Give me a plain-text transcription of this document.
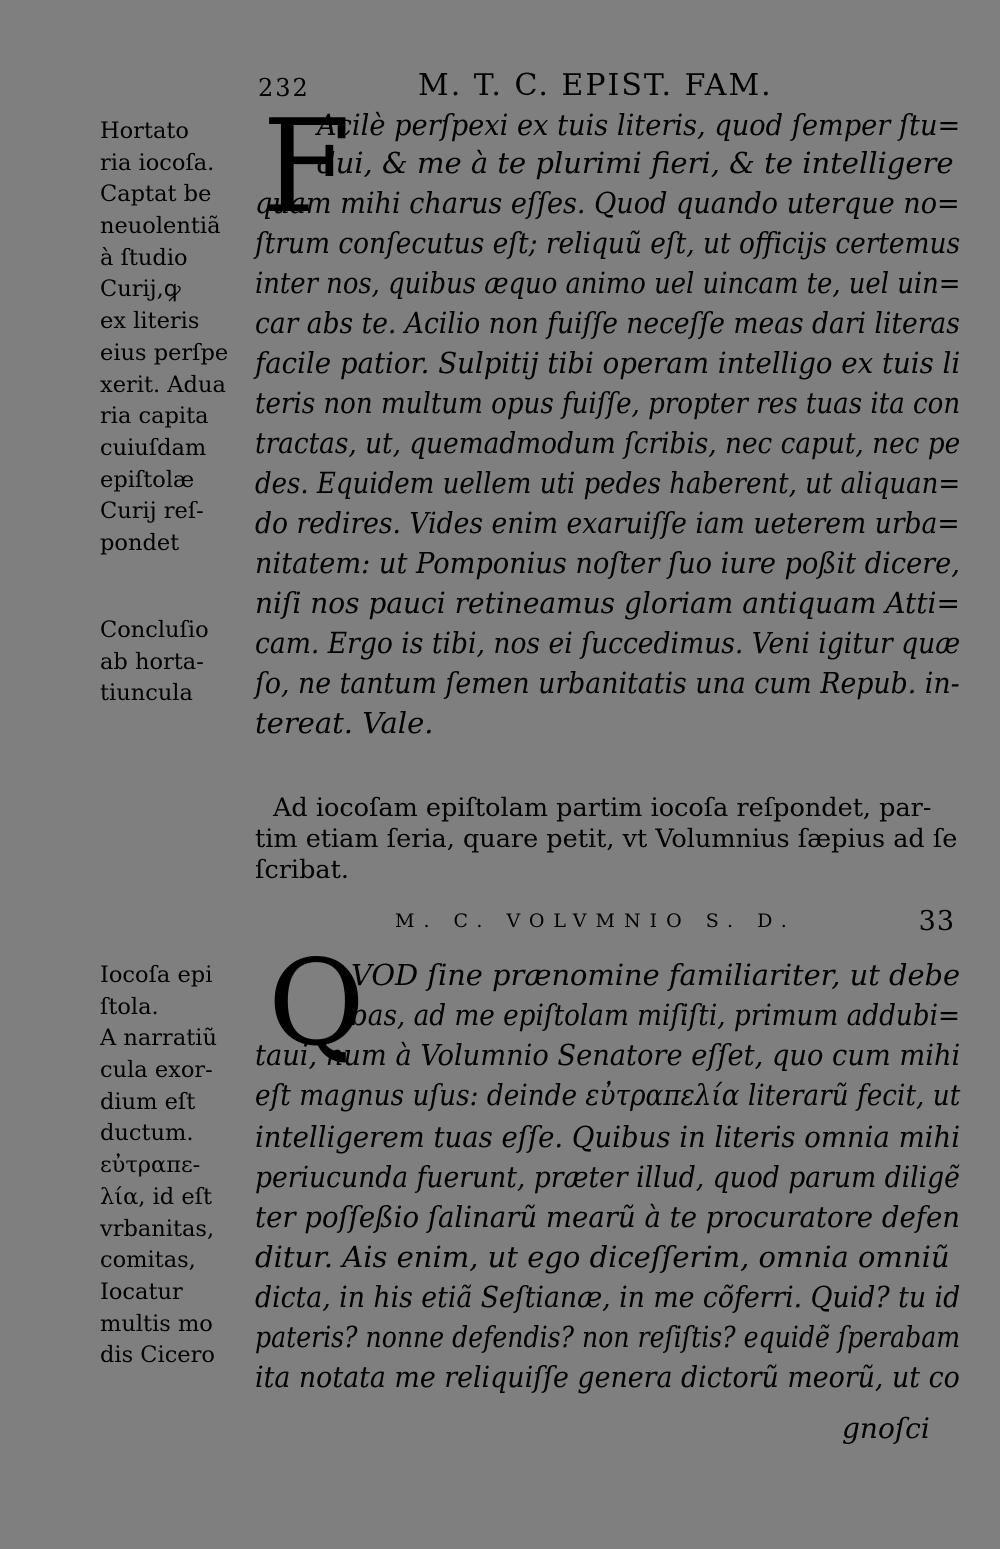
232	M. T. C. EPIST. FAM.
Hortato
ria iocoſa.
Captat be
neuolentiã
à ſtudio
Curij,ꝙ
ex literis
eius perſpe
xerit. Adua
ria capita
cuiuſdam
epiſtolæ
Curij reſ-
pondet
Concluſio
ab horta-
tiuncula
F
Acilè perſpexi ex tuis literis, quod ſemper ſtu=
dui, & me à te plurimi fieri, & te intelligere
quam mihi charus eſſes. Quod quando uterque no=
ſtrum conſecutus eſt; reliquũ eſt, ut officijs certemus
inter nos, quibus æquo animo uel uincam te, uel uin=
car abs te. Acilio non fuiſſe neceſſe meas dari literas
facile patior. Sulpitij tibi operam intelligo ex tuis li
teris non multum opus fuiſſe, propter res tuas ita con
tractas, ut, quemadmodum ſcribis, nec caput, nec pe
des. Equidem uellem uti pedes haberent, ut aliquan=
do redires. Vides enim exaruiſſe iam ueterem urba=
nitatem: ut Pomponius noſter ſuo iure poßit dicere,
niſi nos pauci retineamus gloriam antiquam Atti=
cam. Ergo is tibi, nos ei ſuccedimus. Veni igitur quæ
ſo, ne tantum ſemen urbanitatis una cum Repub. in-
tereat. Vale.
Ad iocoſam epiſtolam partim iocoſa reſpondet, par-
tim etiam ſeria, quare petit, vt Volumnius ſæpius ad ſe
ſcribat.
M. C. VOLVMNIO S. D.	33
Iocoſa epi
ſtola.
A narratiũ
cula exor-
dium eſt
ductum.
εὐτραπε-
λία, id eſt
vrbanitas,
comitas,
Iocatur
multis mo
dis Cicero
Q
VOD ſine prænomine familiariter, ut debe
bas, ad me epiſtolam miſiſti, primum addubi=
taui, num à Volumnio Senatore eſſet, quo cum mihi
eſt magnus uſus: deinde εὐτραπελία literarũ fecit, ut
intelligerem tuas eſſe. Quibus in literis omnia mihi
periucunda fuerunt, præter illud, quod parum diligẽ
ter poſſeßio ſalinarũ mearũ à te procuratore defen
ditur. Ais enim, ut ego diceſſerim, omnia omniũ
dicta, in his etiã Seſtianæ, in me cõferri. Quid? tu id
pateris? nonne defendis? non reſiſtis? equidẽ ſperabam
ita notata me reliquiſſe genera dictorũ meorũ, ut co
gnoſci
